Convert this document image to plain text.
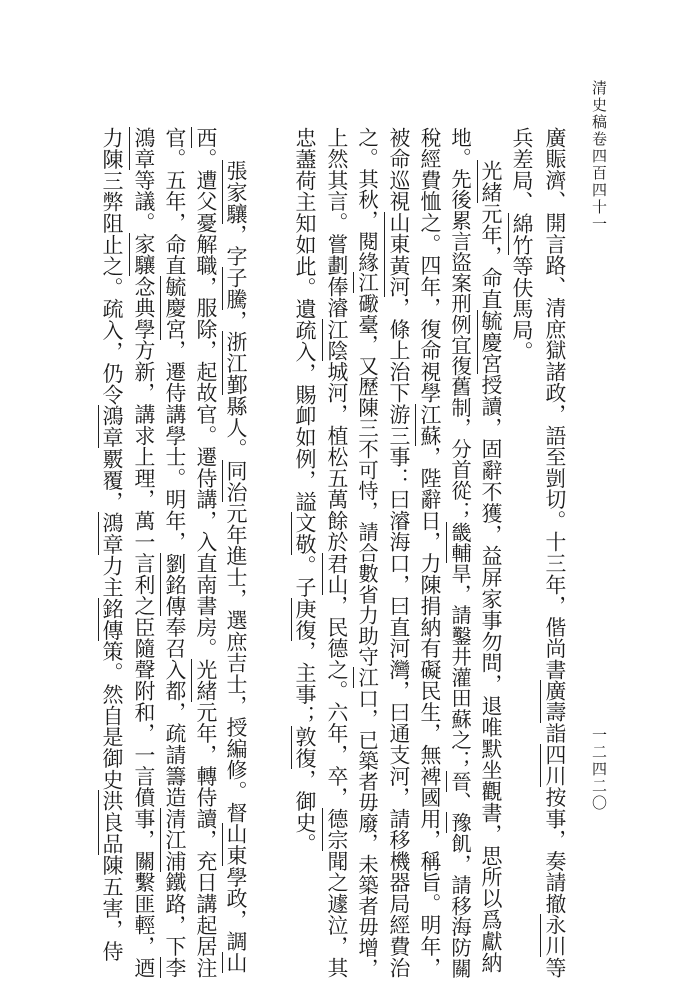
清史稿卷四百四十一
一二四二〇
廣賑濟、開言路、清庶獄諸政，語至剴切。十三年，偕尚書廣壽詣四川按事，奏請撤永川等
兵差局、綿竹等伕馬局。
光緒元年，命直毓慶宮授讀，固辭不獲，益屏家事勿問，退唯默坐觀書，思所以爲獻納
地。先後累言盜案刑例宜復舊制，分首從；畿輔旱，請鑿井灌田蘇之；晉、豫飢，請移海防關
稅經費恤之。四年，復命視學江蘇，陛辭日，力陳捐納有礙民生，無裨國用，稱旨。明年，
被命巡視山東黃河，條上治下游三事：曰濬海口，曰直河灣，曰通支河，請移機器局經費治
之。其秋，閱緣江礮臺，又歷陳三不可恃，請合數省力助守江口，已築者毋廢，未築者毋增，
上然其言。嘗劃俸濬江陰城河，植松五萬餘於君山，民德之。六年，卒，德宗聞之遽泣，其
忠藎荷主知如此。遺疏入，賜卹如例，謚文敬。子庚復，主事；敦復，御史。
張家驤，字子騰，浙江鄞縣人。同治元年進士，選庶吉士，授編修。督山東學政，調山
西。遭父憂解職，服除，起故官。遷侍講，入直南書房。光緒元年，轉侍讀，充日講起居注
官。五年，命直毓慶宮，遷侍講學士。明年，劉銘傳奉召入都，疏請籌造清江浦鐵路，下李
鴻章等議。家驤念典學方新，講求上理，萬一言利之臣隨聲附和，一言僨事，關繫匪輕，迺
力陳三弊阻止之。疏入，仍令鴻章覈覆，鴻章力主銘傳策。然自是御史洪良品陳五害，侍
